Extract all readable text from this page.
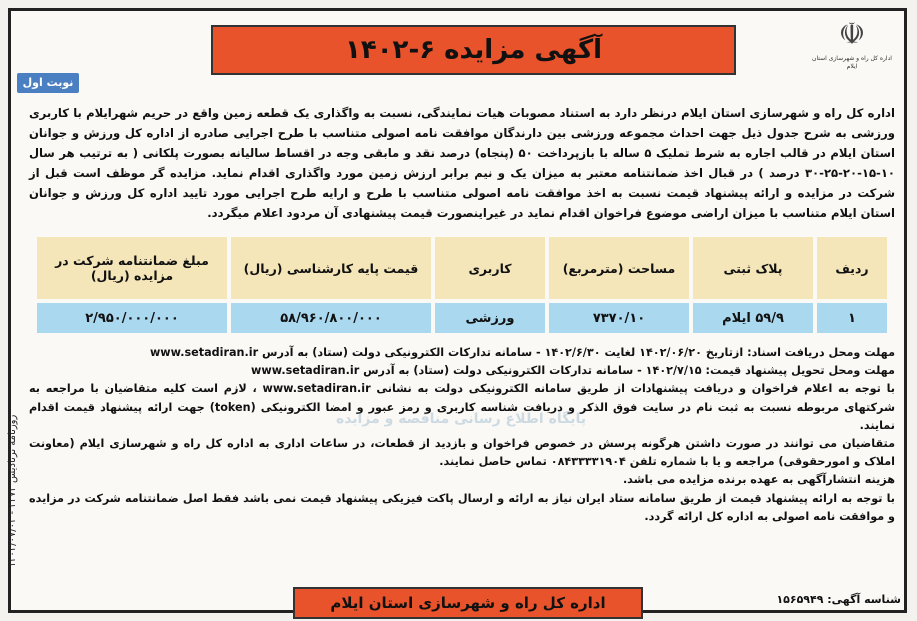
☫
اداره کل راه و شهرسازی استان ایلام
آگهی مزایده ۶-۱۴۰۲
نوبت اول
روزنامه ترنادیس ۴۳۷۳ - ۱۴۰۲/۰۷/۰۴
اداره کل راه و شهرسازی استان ایلام درنظر دارد به استناد مصوبات هیات نمایندگی، نسبت به واگذاری یک قطعه زمین واقع در حریم شهرایلام با کاربری ورزشی به شرح جدول ذیل جهت احداث مجموعه ورزشی بین دارندگان موافقت نامه اصولی متناسب با طرح اجرایی صادره از اداره کل ورزش و جوانان استان ایلام در قالب اجاره به شرط تملیک ۵ ساله با بازپرداخت ۵۰ (پنجاه) درصد نقد و مابقی وجه در اقساط سالیانه بصورت پلکانی ( به ترتیب هر سال ۱۰-۱۵-۲۰-۲۵-۳۰ درصد ) در قبال اخذ ضمانتنامه معتبر به میزان یک و نیم برابر ارزش زمین مورد واگذاری اقدام نماید. مزایده گر موظف است قبل از شرکت در مزایده و ارائه پیشنهاد قیمت نسبت به اخذ موافقت نامه اصولی متناسب با طرح و ارایه طرح اجرایی مورد تایید اداره کل ورزش و جوانان استان ایلام متناسب با میزان اراضی موضوع فراخوان اقدام نماید در غیراینصورت قیمت پیشنهادی آن مردود اعلام میگردد.
ردیف	پلاک ثبتی	مساحت (مترمربع)	کاربری	قیمت پایه کارشناسی (ریال)	مبلغ ضمانتنامه شرکت در مزایده (ریال)
۱	۵۹/۹ ایلام	۷۳۷۰/۱۰	ورزشی	۵۸/۹۶۰/۸۰۰/۰۰۰	۲/۹۵۰/۰۰۰/۰۰۰

مهلت ومحل دریافت اسناد: ازتاریخ ۱۴۰۲/۰۶/۲۰ لغایت ۱۴۰۲/۶/۳۰ - سامانه تدارکات الکترونیکی دولت (ستاد) به آدرس www.setadiran.ir

مهلت ومحل تحویل پیشنهاد قیمت: ۱۴۰۲/۷/۱۵ - سامانه تدارکات الکترونیکی دولت (ستاد) به آدرس www.setadiran.ir

با توجه به اعلام فراخوان و دریافت پیشنهادات از طریق سامانه الکترونیکی دولت به نشانی www.setadiran.ir ، لازم است کلیه متقاضیان با مراجعه به شرکتهای مربوطه نسبت به ثبت نام در سایت فوق الذکر و دریافت شناسه کاربری و رمز عبور و امضا الکترونیکی (token) جهت ارائه پیشنهاد قیمت اقدام نمایند.

متقاضیان می توانند در صورت داشتن هرگونه پرسش در خصوص فراخوان و بازدید از قطعات، در ساعات اداری به اداره کل راه و شهرسازی ایلام (معاونت املاک و امورحقوقی) مراجعه و یا با شماره تلفن ۰۸۴۳۳۳۳۱۹۰۴ تماس حاصل نمایند.

هزینه انتشارآگهی به عهده برنده مزایده می باشد.

با توجه به ارائه پیشنهاد قیمت از طریق سامانه ستاد ایران نیاز به ارائه و ارسال پاکت فیزیکی پیشنهاد قیمت نمی باشد فقط اصل ضمانتنامه شرکت در مزایده و موافقت نامه اصولی به اداره کل ارائه گردد.

پایگاه اطلاع رسانی مناقصه و مزایده
شناسه آگهی: ۱۵۶۵۹۴۹
اداره کل راه و شهرسازی استان ایلام
